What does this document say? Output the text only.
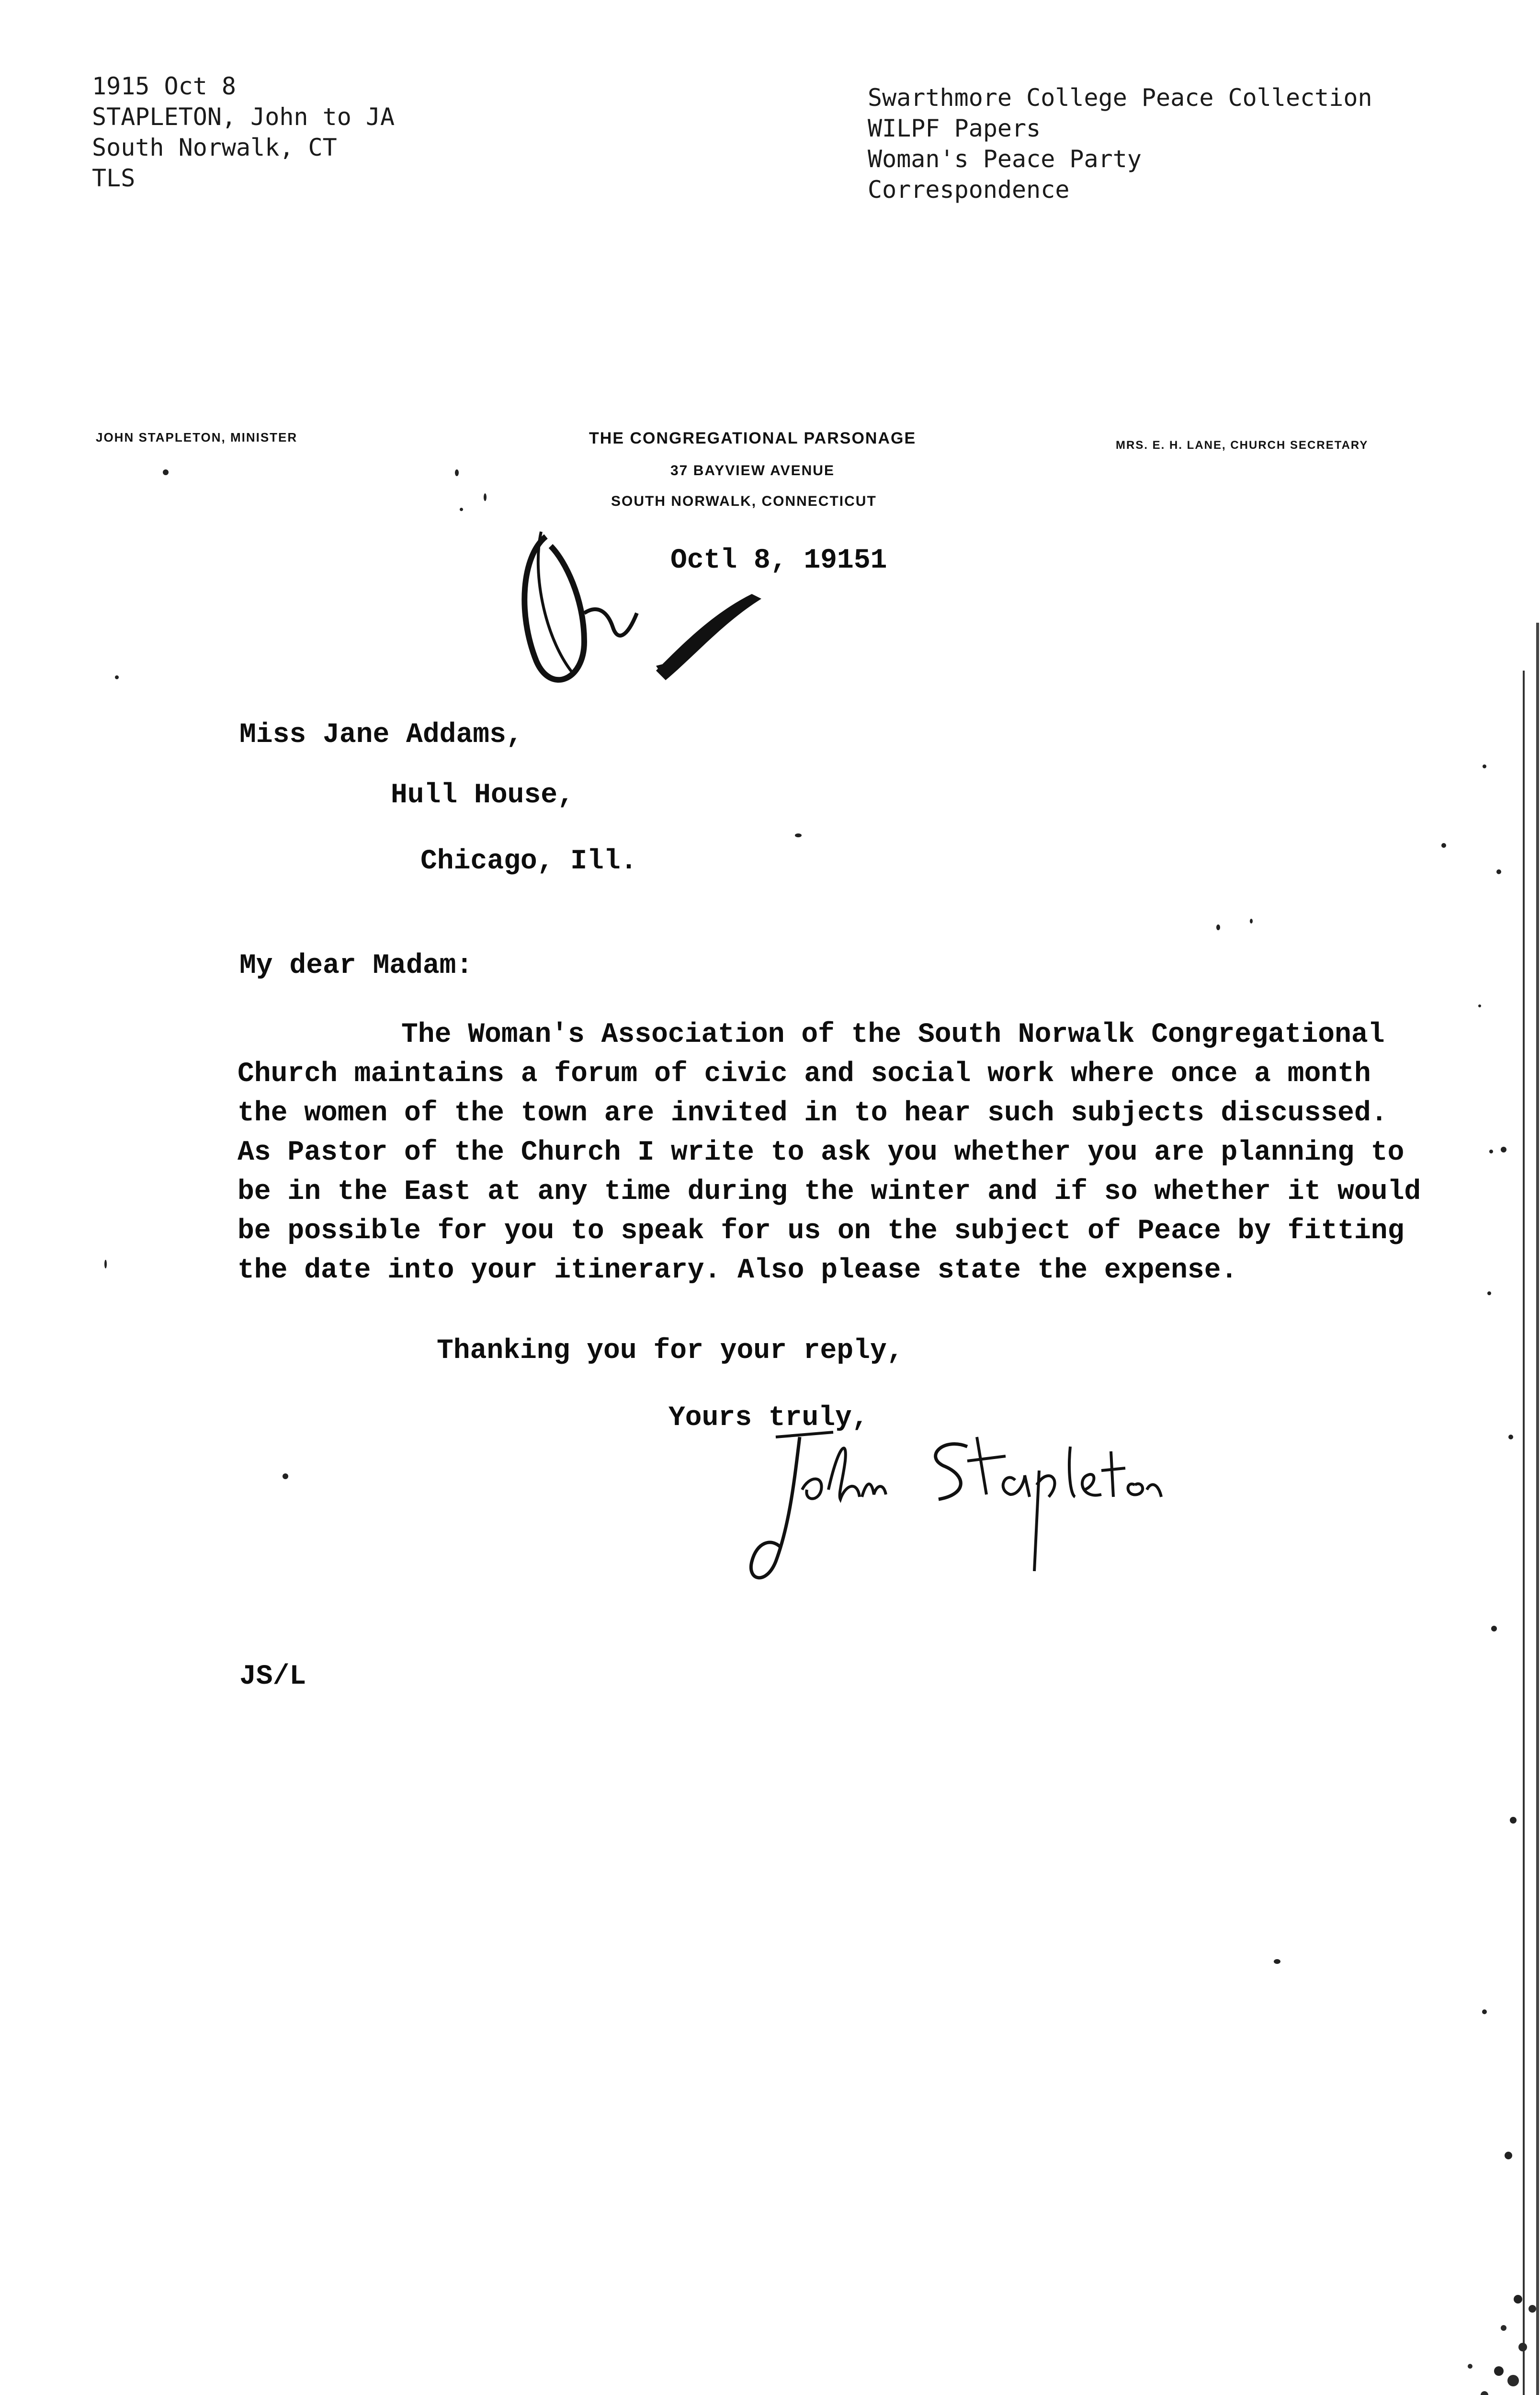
1915 Oct 8
STAPLETON, John to JA
South Norwalk, CT
TLS
Swarthmore College Peace Collection
WILPF Papers
Woman's Peace Party
Correspondence
JOHN STAPLETON, MINISTER
MRS. E. H. LANE, CHURCH SECRETARY
THE CONGREGATIONAL PARSONAGE
37 BAYVIEW AVENUE
SOUTH NORWALK, CONNECTICUT
Octl 8, 19151
Miss Jane Addams,
Hull House,
Chicago, Ill.
My dear Madam:
The Woman's Association of the South Norwalk Congregational
Church maintains a forum of civic and social work where once a month
the women of the town are invited in to hear such subjects discussed.
As Pastor of the Church I write to ask you whether you are planning to
be in the East at any time during the winter and if so whether it would
be possible for you to speak for us on the subject of Peace by fitting
the date into your itinerary. Also please state the expense.
Thanking you for your reply,
Yours truly,
JS/L
